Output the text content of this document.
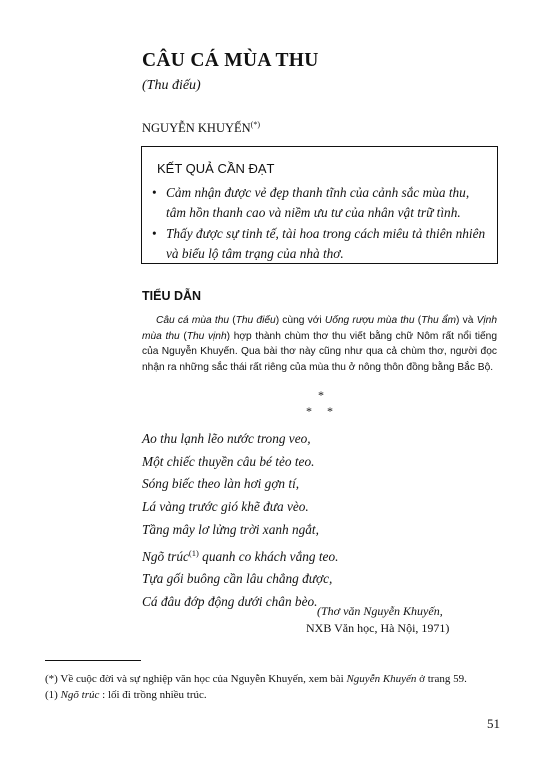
CÂU CÁ MÙA THU
(Thu điếu)
NGUYỄN KHUYẾN(*)
KẾT QUẢ CẦN ĐẠT
• Cảm nhận được vẻ đẹp thanh tĩnh của cảnh sắc mùa thu, tâm hồn thanh cao và niềm ưu tư của nhân vật trữ tình.
• Thấy được sự tinh tế, tài hoa trong cách miêu tả thiên nhiên và biểu lộ tâm trạng của nhà thơ.
TIỂU DẪN
Câu cá mùa thu (Thu điếu) cùng với Uống rượu mùa thu (Thu ẩm) và Vịnh mùa thu (Thu vịnh) hợp thành chùm thơ thu viết bằng chữ Nôm rất nổi tiếng của Nguyễn Khuyến. Qua bài thơ này cũng như qua cả chùm thơ, người đọc nhận ra những sắc thái rất riêng của mùa thu ở nông thôn đồng bằng Bắc Bộ.
*
* *
Ao thu lạnh lẽo nước trong veo,
Một chiếc thuyền câu bé tẻo teo.
Sóng biếc theo làn hơi gợn tí,
Lá vàng trước gió khẽ đưa vèo.
Tầng mây lơ lửng trời xanh ngắt,
Ngõ trúc$^{(1)}$ quanh co khách vắng teo.
Tựa gối buông cần lâu chẳng được,
Cá đâu đớp động dưới chân bèo.
(Thơ văn Nguyễn Khuyến,
NXB Văn học, Hà Nội, 1971)
(*) Về cuộc đời và sự nghiệp văn học của Nguyễn Khuyến, xem bài Nguyễn Khuyến ở trang 59.
(1) Ngõ trúc : lối đi trồng nhiều trúc.
51
